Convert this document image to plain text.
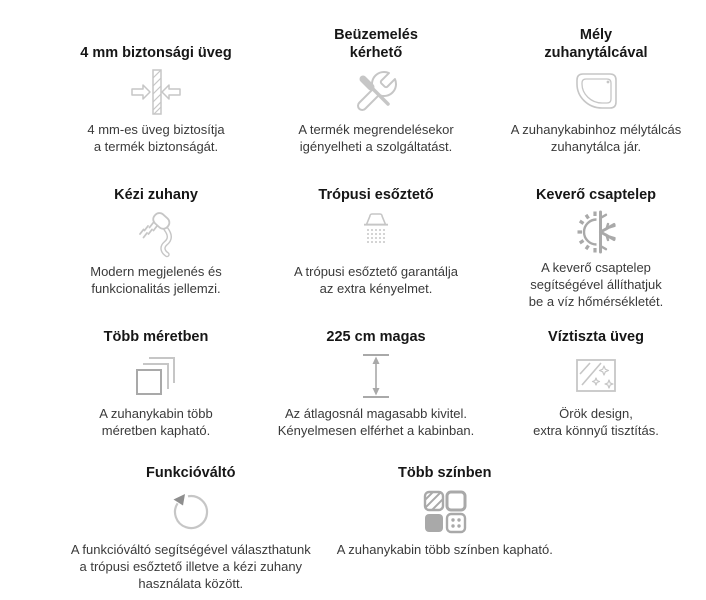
4 mm biztonsági üveg
4 mm-es üveg biztosítja
a termék biztonságát.
Beüzemelés
kérhető
A termék megrendelésekor
igényelheti a szolgáltatást.
Mély
zuhanytálcával
A zuhanykabinhoz mélytálcás
zuhanytálca jár.
Kézi zuhany
Modern megjelenés és
funkcionalitás jellemzi.
Trópusi esőztető
A trópusi esőztető garantálja
az extra kényelmet.
Keverő csaptelep
A keverő csaptelep
segítségével állíthatjuk
be a víz hőmérsékletét.
Több méretben
A zuhanykabin több
méretben kapható.
225 cm magas
Az átlagosnál magasabb kivitel.
Kényelmesen elférhet a kabinban.
Víztiszta üveg
Örök design,
extra könnyű tisztítás.
Funkcióváltó
A funkcióváltó segítségével választhatunk
a trópusi esőztető illetve a kézi zuhany
használata között.
Több színben
A zuhanykabin több színben kapható.
